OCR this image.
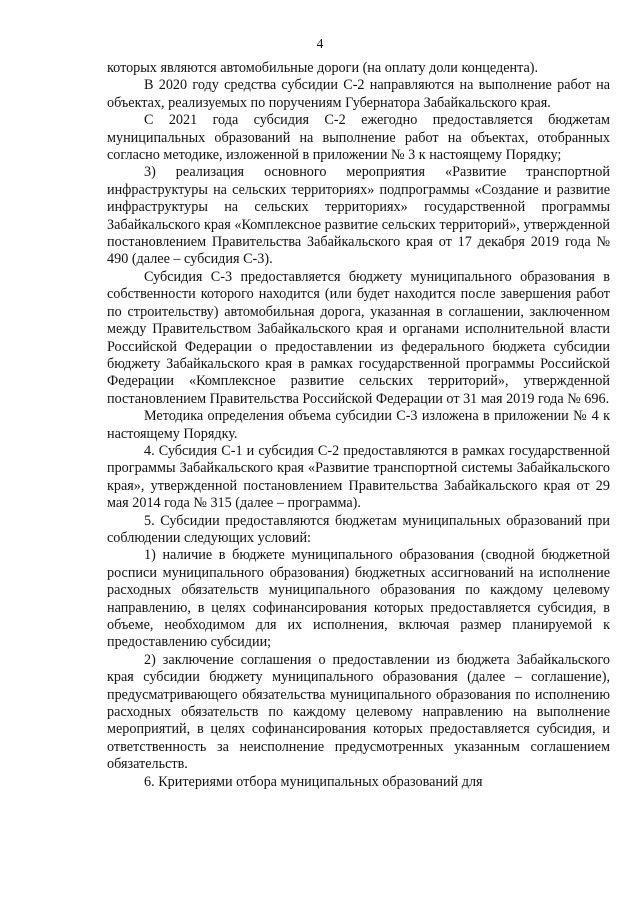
4

которых являются автомобильные дороги (на оплату доли концедента).

В 2020 году средства субсидии С-2 направляются на выполнение работ на объектах, реализуемых по поручениям Губернатора Забайкальского края.

С 2021 года субсидия С-2 ежегодно предоставляется бюджетам муниципальных образований на выполнение работ на объектах, отобранных согласно методике, изложенной в приложении № 3 к настоящему Порядку;

3) реализация основного мероприятия «Развитие транспортной инфраструктуры на сельских территориях» подпрограммы «Создание и развитие инфраструктуры на сельских территориях» государственной программы Забайкальского края «Комплексное развитие сельских территорий», утвержденной постановлением Правительства Забайкальского края от 17 декабря 2019 года № 490 (далее – субсидия С-3).

Субсидия С-3 предоставляется бюджету муниципального образования в собственности которого находится (или будет находится после завершения работ по строительству) автомобильная дорога, указанная в соглашении, заключенном между Правительством Забайкальского края и органами исполнительной власти Российской Федерации о предоставлении из федерального бюджета субсидии бюджету Забайкальского края в рамках государственной программы Российской Федерации «Комплексное развитие сельских территорий», утвержденной постановлением Правительства Российской Федерации от 31 мая 2019 года № 696.

Методика определения объема субсидии С-3 изложена в приложении № 4 к настоящему Порядку.

4. Субсидия С-1 и субсидия С-2 предоставляются в рамках государственной программы Забайкальского края «Развитие транспортной системы Забайкальского края», утвержденной постановлением Правительства Забайкальского края от 29 мая 2014 года № 315 (далее – программа).

5. Субсидии предоставляются бюджетам муниципальных образований при соблюдении следующих условий:

1) наличие в бюджете муниципального образования (сводной бюджетной росписи муниципального образования) бюджетных ассигнований на исполнение расходных обязательств муниципального образования по каждому целевому направлению, в целях софинансирования которых предоставляется субсидия, в объеме, необходимом для их исполнения, включая размер планируемой к предоставлению субсидии;

2) заключение соглашения о предоставлении из бюджета Забайкальского края субсидии бюджету муниципального образования (далее – соглашение), предусматривающего обязательства муниципального образования по исполнению расходных обязательств по каждому целевому направлению на выполнение мероприятий, в целях софинансирования которых предоставляется субсидия, и ответственность за неисполнение предусмотренных указанным соглашением обязательств.

6. Критериями отбора муниципальных образований для
